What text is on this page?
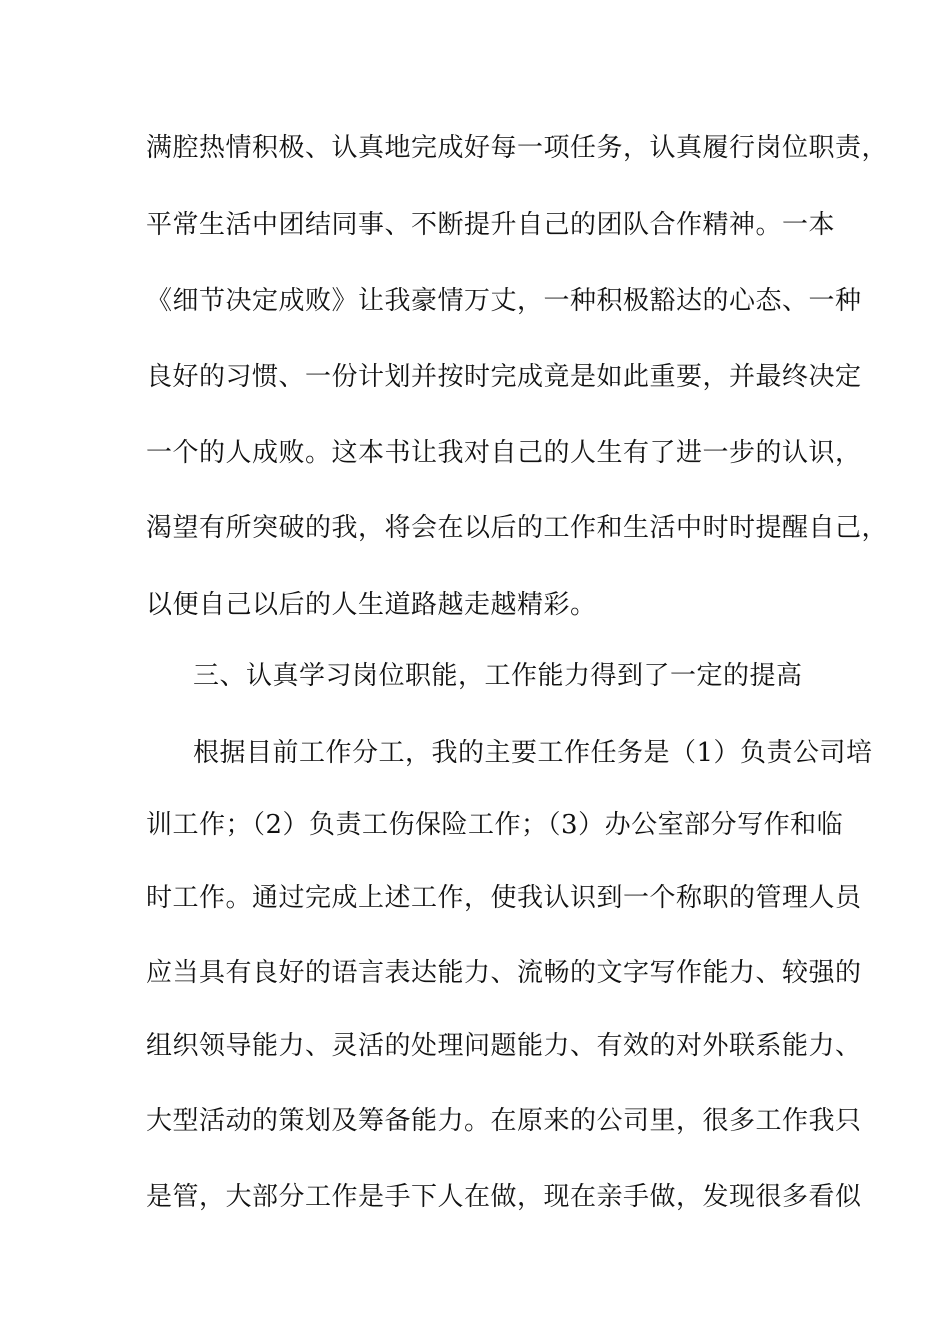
满腔热情积极、认真地完成好每一项任务，认真履行岗位职责，
平常生活中团结同事、不断提升自己的团队合作精神。一本
《细节决定成败》让我豪情万丈，一种积极豁达的心态、一种
良好的习惯、一份计划并按时完成竟是如此重要，并最终决定
一个的人成败。这本书让我对自己的人生有了进一步的认识，
渴望有所突破的我，将会在以后的工作和生活中时时提醒自己，
以便自己以后的人生道路越走越精彩。
三、认真学习岗位职能，工作能力得到了一定的提高
根据目前工作分工，我的主要工作任务是（1）负责公司培
训工作；（2）负责工伤保险工作；（3）办公室部分写作和临
时工作。通过完成上述工作，使我认识到一个称职的管理人员
应当具有良好的语言表达能力、流畅的文字写作能力、较强的
组织领导能力、灵活的处理问题能力、有效的对外联系能力、
大型活动的策划及筹备能力。在原来的公司里，很多工作我只
是管，大部分工作是手下人在做，现在亲手做，发现很多看似
